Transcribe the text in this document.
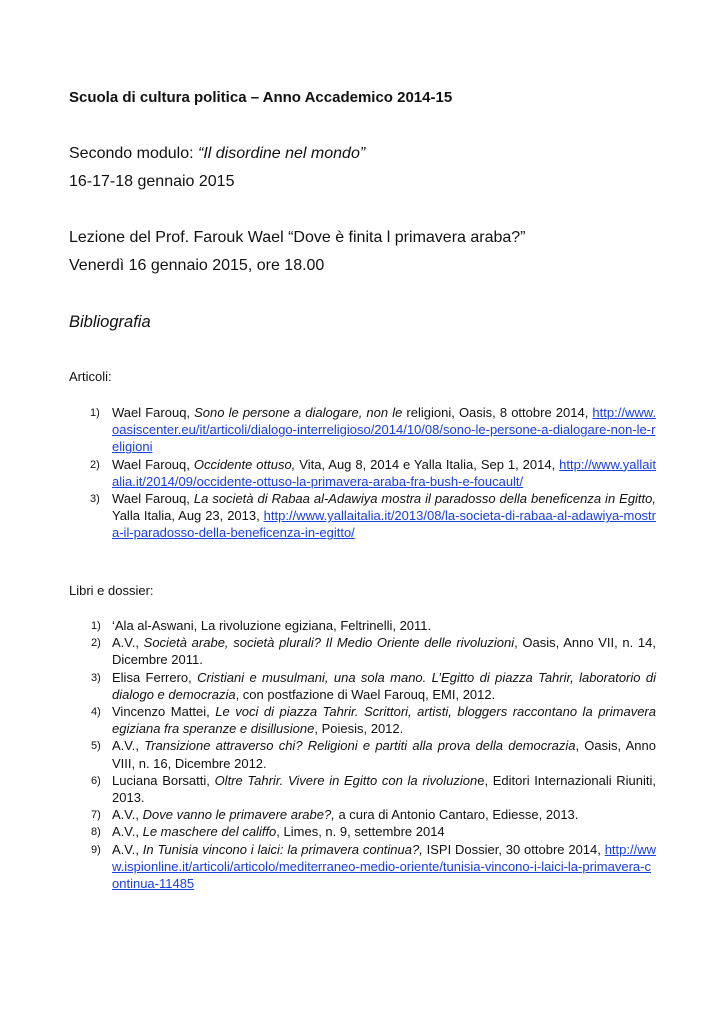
Scuola di cultura politica – Anno Accademico 2014-15
Secondo modulo: “Il disordine nel mondo”
16-17-18 gennaio 2015
Lezione del Prof. Farouk Wael “Dove è finita l primavera araba?”
Venerdì 16 gennaio 2015, ore 18.00
Bibliografia
Articoli:
1) Wael Farouq, Sono le persone a dialogare, non le religioni, Oasis, 8 ottobre 2014, http://www.oasiscenter.eu/it/articoli/dialogo-interreligioso/2014/10/08/sono-le-persone-a-dialogare-non-le-religioni
2) Wael Farouq, Occidente ottuso, Vita, Aug 8, 2014 e Yalla Italia, Sep 1, 2014, http://www.yallaitalia.it/2014/09/occidente-ottuso-la-primavera-araba-fra-bush-e-foucault/
3) Wael Farouq, La società di Rabaa al-Adawiya mostra il paradosso della beneficenza in Egitto, Yalla Italia, Aug 23, 2013, http://www.yallaitalia.it/2013/08/la-societa-di-rabaa-al-adawiya-mostra-il-paradosso-della-beneficenza-in-egitto/
Libri e dossier:
1) ‘Ala al-Aswani, La rivoluzione egiziana, Feltrinelli, 2011.
2) A.V., Società arabe, società plurali? Il Medio Oriente delle rivoluzioni, Oasis, Anno VII, n. 14, Dicembre 2011.
3) Elisa Ferrero, Cristiani e musulmani, una sola mano. L’Egitto di piazza Tahrir, laboratorio di dialogo e democrazia, con postfazione di Wael Farouq, EMI, 2012.
4) Vincenzo Mattei, Le voci di piazza Tahrir. Scrittori, artisti, bloggers raccontano la primavera egiziana fra speranze e disillusione, Poiesis, 2012.
5) A.V., Transizione attraverso chi? Religioni e partiti alla prova della democrazia, Oasis, Anno VIII, n. 16, Dicembre 2012.
6) Luciana Borsatti, Oltre Tahrir. Vivere in Egitto con la rivoluzione, Editori Internazionali Riuniti, 2013.
7) A.V., Dove vanno le primavere arabe?, a cura di Antonio Cantaro, Ediesse, 2013.
8) A.V., Le maschere del califfo, Limes, n. 9, settembre 2014
9) A.V., In Tunisia vincono i laici: la primavera continua?, ISPI Dossier, 30 ottobre 2014, http://www.ispionline.it/articoli/articolo/mediterraneo-medio-oriente/tunisia-vincono-i-laici-la-primavera-continua-11485
